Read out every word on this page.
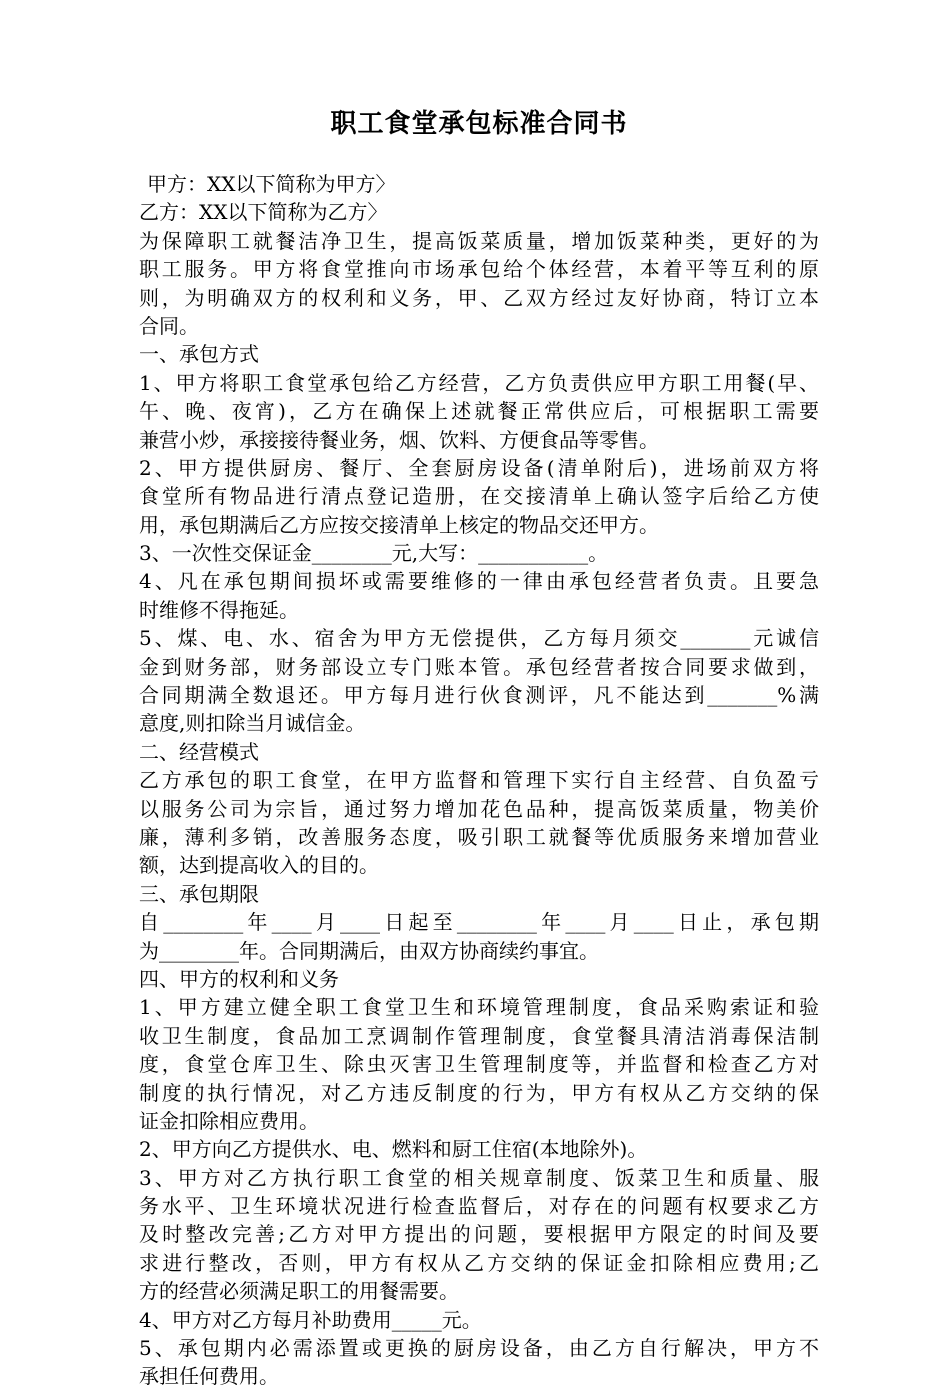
职工食堂承包标准合同书
甲方：XX以下简称为甲方〉
乙方：XX以下简称为乙方〉
为保障职工就餐洁净卫生，提高饭菜质量，增加饭菜种类，更好的为
职工服务。甲方将食堂推向市场承包给个体经营，本着平等互利的原
则，为明确双方的权利和义务，甲、乙双方经过友好协商，特订立本
合同。
一、承包方式
1、甲方将职工食堂承包给乙方经营，乙方负责供应甲方职工用餐(早、
午、晚、夜宵)，乙方在确保上述就餐正常供应后，可根据职工需要
兼营小炒，承接接待餐业务，烟、饮料、方便食品等零售。
2、甲方提供厨房、餐厅、全套厨房设备(清单附后)，进场前双方将
食堂所有物品进行清点登记造册，在交接清单上确认签字后给乙方使
用，承包期满后乙方应按交接清单上核定的物品交还甲方。
3、一次性交保证金________元,大写：___________。
4、凡在承包期间损坏或需要维修的一律由承包经营者负责。且要急
时维修不得拖延。
5、煤、电、水、宿舍为甲方无偿提供，乙方每月须交_______元诚信
金到财务部，财务部设立专门账本管。承包经营者按合同要求做到，
合同期满全数退还。甲方每月进行伙食测评，凡不能达到_______%满
意度,则扣除当月诚信金。
二、经营模式
乙方承包的职工食堂，在甲方监督和管理下实行自主经营、自负盈亏
以服务公司为宗旨，通过努力增加花色品种，提高饭菜质量，物美价
廉，薄利多销，改善服务态度，吸引职工就餐等优质服务来增加营业
额，达到提高收入的目的。
三、承包期限
自________年____月____日起至________年____月____日止，承包期
为________年。合同期满后，由双方协商续约事宜。
四、甲方的权利和义务
1、甲方建立健全职工食堂卫生和环境管理制度，食品采购索证和验
收卫生制度，食品加工烹调制作管理制度，食堂餐具清洁消毒保洁制
度，食堂仓库卫生、除虫灭害卫生管理制度等，并监督和检查乙方对
制度的执行情况，对乙方违反制度的行为，甲方有权从乙方交纳的保
证金扣除相应费用。
2、甲方向乙方提供水、电、燃料和厨工住宿(本地除外)。
3、甲方对乙方执行职工食堂的相关规章制度、饭菜卫生和质量、服
务水平、卫生环境状况进行检查监督后，对存在的问题有权要求乙方
及时整改完善;乙方对甲方提出的问题，要根据甲方限定的时间及要
求进行整改，否则，甲方有权从乙方交纳的保证金扣除相应费用;乙
方的经营必须满足职工的用餐需要。
4、甲方对乙方每月补助费用_____元。
5、承包期内必需添置或更换的厨房设备，由乙方自行解决，甲方不
承担任何费用。
